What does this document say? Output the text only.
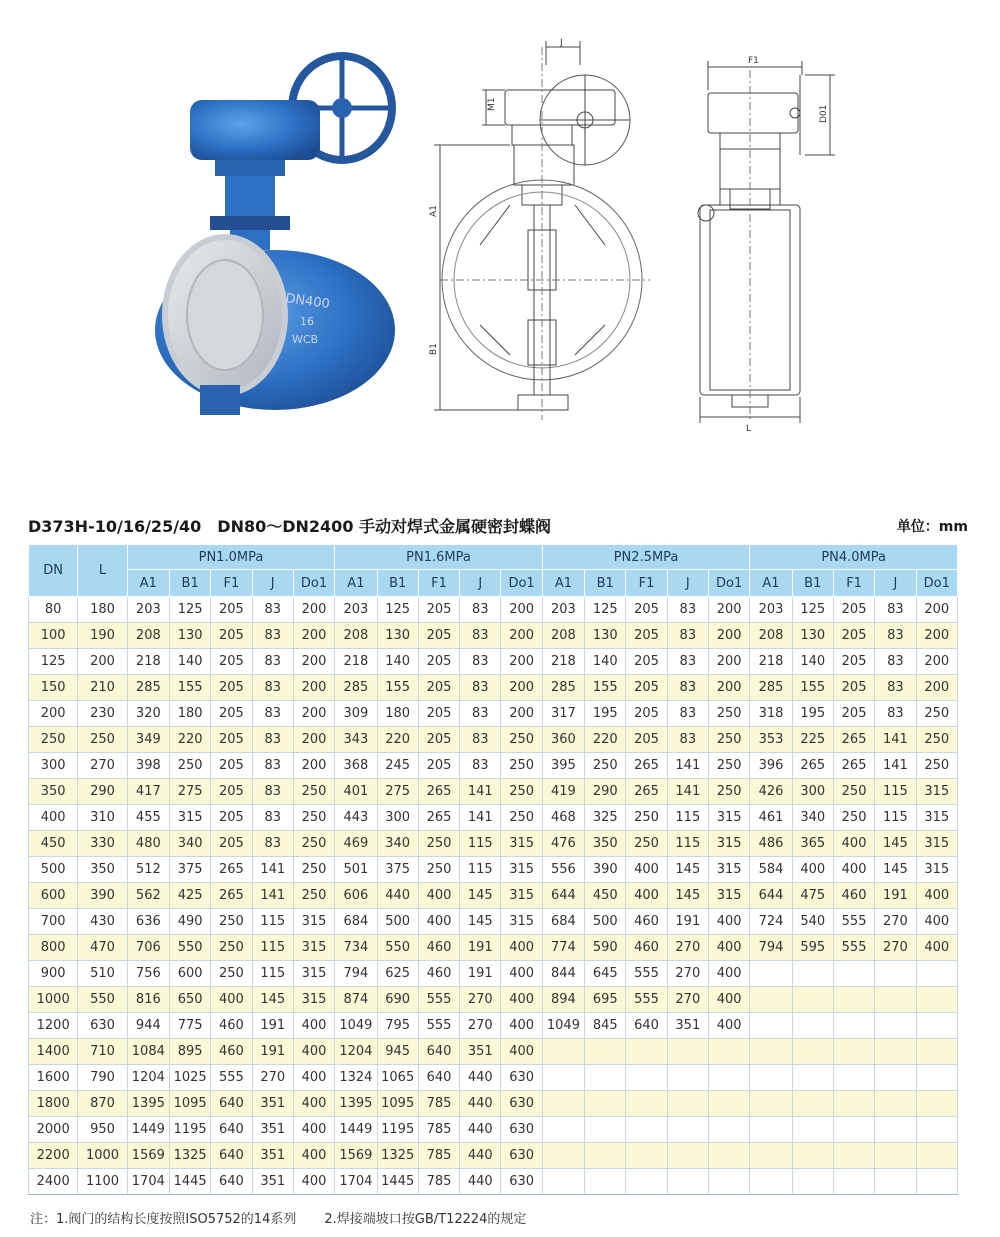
DN400
16
WCB
J
M1
A1
B1
F1
D01
L
D373H-10/16/25/40　DN80～DN2400 手动对焊式金属硬密封蝶阀	单位：mm
DN	L	PN1.0MPa					PN1.6MPa					PN2.5MPa					PN4.0MPa				
		A1	B1	F1	J	Do1	A1	B1	F1	J	Do1	A1	B1	F1	J	Do1	A1	B1	F1	J	Do1
80	180	203	125	205	83	200	203	125	205	83	200	203	125	205	83	200	203	125	205	83	200
100	190	208	130	205	83	200	208	130	205	83	200	208	130	205	83	200	208	130	205	83	200
125	200	218	140	205	83	200	218	140	205	83	200	218	140	205	83	200	218	140	205	83	200
150	210	285	155	205	83	200	285	155	205	83	200	285	155	205	83	200	285	155	205	83	200
200	230	320	180	205	83	200	309	180	205	83	200	317	195	205	83	250	318	195	205	83	250
250	250	349	220	205	83	200	343	220	205	83	250	360	220	205	83	250	353	225	265	141	250
300	270	398	250	205	83	200	368	245	205	83	250	395	250	265	141	250	396	265	265	141	250
350	290	417	275	205	83	250	401	275	265	141	250	419	290	265	141	250	426	300	250	115	315
400	310	455	315	205	83	250	443	300	265	141	250	468	325	250	115	315	461	340	250	115	315
450	330	480	340	205	83	250	469	340	250	115	315	476	350	250	115	315	486	365	400	145	315
500	350	512	375	265	141	250	501	375	250	115	315	556	390	400	145	315	584	400	400	145	315
600	390	562	425	265	141	250	606	440	400	145	315	644	450	400	145	315	644	475	460	191	400
700	430	636	490	250	115	315	684	500	400	145	315	684	500	460	191	400	724	540	555	270	400
800	470	706	550	250	115	315	734	550	460	191	400	774	590	460	270	400	794	595	555	270	400
900	510	756	600	250	115	315	794	625	460	191	400	844	645	555	270	400					
1000	550	816	650	400	145	315	874	690	555	270	400	894	695	555	270	400					
1200	630	944	775	460	191	400	1049	795	555	270	400	1049	845	640	351	400					
1400	710	1084	895	460	191	400	1204	945	640	351	400										
1600	790	1204	1025	555	270	400	1324	1065	640	440	630										
1800	870	1395	1095	640	351	400	1395	1095	785	440	630										
2000	950	1449	1195	640	351	400	1449	1195	785	440	630										
2200	1000	1569	1325	640	351	400	1569	1325	785	440	630										
2400	1100	1704	1445	640	351	400	1704	1445	785	440	630										
注：1.阀门的结构长度按照ISO5752的14系列 2.焊接端坡口按GB/T12224的规定
